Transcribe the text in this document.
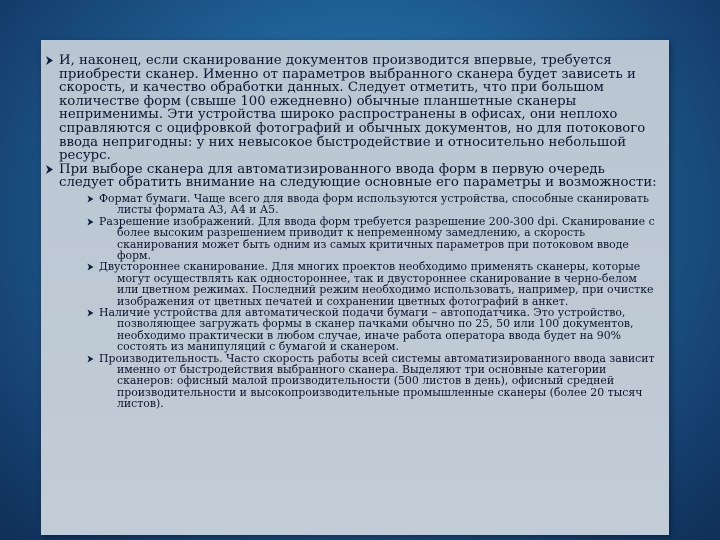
И, наконец, если сканирование документов производится впервые, требуется приобрести сканер. Именно от параметров выбранного сканера будет зависеть и скорость, и качество обработки данных. Следует отметить, что при большом количестве форм (свыше 100 ежедневно) обычные планшетные сканеры неприменимы. Эти устройства широко распространены в офисах, они неплохо справляются с оцифровкой фотографий и обычных документов, но для потокового ввода непригодны: у них невысокое быстродействие и относительно небольшой ресурс.

При выборе сканера для автоматизированного ввода форм в первую очередь следует обратить внимание на следующие основные его параметры и возможности:

Формат бумаги. Чаще всего для ввода форм используются устройства, способные сканировать листы формата А3, А4 и А5.

Разрешение изображений. Для ввода форм требуется разрешение 200-300 dpi. Сканирование с более высоким разрешением приводит к непременному замедлению, а скорость сканирования может быть одним из самых критичных параметров при потоковом вводе форм.

Двустороннее сканирование. Для многих проектов необходимо применять сканеры, которые могут осуществлять как одностороннее, так и двустороннее сканирование в черно-белом или цветном режимах. Последний режим необходимо использовать, например, при очистке изображения от цветных печатей и сохранении цветных фотографий в анкет.

Наличие устройства для автоматической подачи бумаги – автоподатчика. Это устройство, позволяющее загружать формы в сканер пачками обычно по 25, 50 или 100 документов, необходимо практически в любом случае, иначе работа оператора ввода будет на 90% состоять из манипуляций с бумагой и сканером.

Производительность. Часто скорость работы всей системы автоматизированного ввода зависит именно от быстродействия выбранного сканера. Выделяют три основные категории сканеров: офисный малой производительности (500 листов в день), офисный средней производительности и высокопроизводительные промышленные сканеры (более 20 тысяч листов).
